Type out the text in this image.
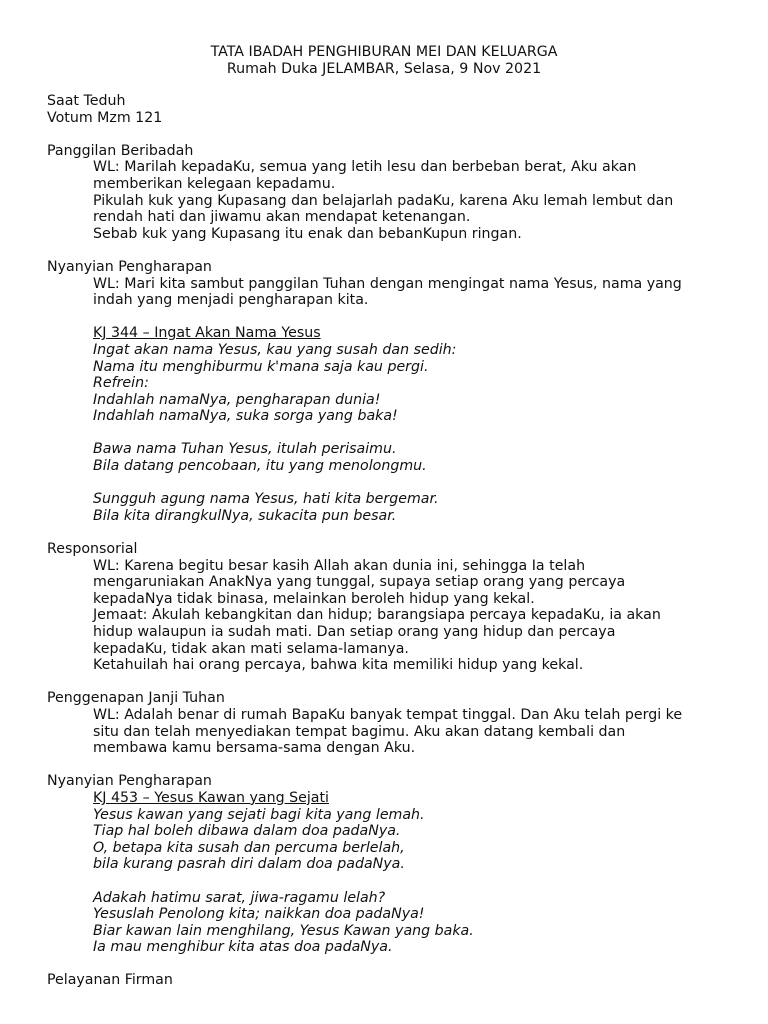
TATA IBADAH PENGHIBURAN MEI DAN KELUARGA
Rumah Duka JELAMBAR, Selasa, 9 Nov 2021
Saat Teduh
Votum Mzm 121
Panggilan Beribadah
WL: Marilah kepadaKu, semua yang letih lesu dan berbeban berat, Aku akan
memberikan kelegaan kepadamu.
Pikulah kuk yang Kupasang dan belajarlah padaKu, karena Aku lemah lembut dan
rendah hati dan jiwamu akan mendapat ketenangan.
Sebab kuk yang Kupasang itu enak dan bebanKupun ringan.
Nyanyian Pengharapan
WL: Mari kita sambut panggilan Tuhan dengan mengingat nama Yesus, nama yang
indah yang menjadi pengharapan kita.
KJ 344 – Ingat Akan Nama Yesus
Ingat akan nama Yesus, kau yang susah dan sedih:
Nama itu menghiburmu k'mana saja kau pergi.
Refrein:
Indahlah namaNya, pengharapan dunia!
Indahlah namaNya, suka sorga yang baka!
Bawa nama Tuhan Yesus, itulah perisaimu.
Bila datang pencobaan, itu yang menolongmu.
Sungguh agung nama Yesus, hati kita bergemar.
Bila kita dirangkulNya, sukacita pun besar.
Responsorial
WL: Karena begitu besar kasih Allah akan dunia ini, sehingga Ia telah
mengaruniakan AnakNya yang tunggal, supaya setiap orang yang percaya
kepadaNya tidak binasa, melainkan beroleh hidup yang kekal.
Jemaat: Akulah kebangkitan dan hidup; barangsiapa percaya kepadaKu, ia akan
hidup walaupun ia sudah mati. Dan setiap orang yang hidup dan percaya
kepadaKu, tidak akan mati selama-lamanya.
Ketahuilah hai orang percaya, bahwa kita memiliki hidup yang kekal.
Penggenapan Janji Tuhan
WL: Adalah benar di rumah BapaKu banyak tempat tinggal. Dan Aku telah pergi ke
situ dan telah menyediakan tempat bagimu. Aku akan datang kembali dan
membawa kamu bersama-sama dengan Aku.
Nyanyian Pengharapan
KJ 453 – Yesus Kawan yang Sejati
Yesus kawan yang sejati bagi kita yang lemah.
Tiap hal boleh dibawa dalam doa padaNya.
O, betapa kita susah dan percuma berlelah,
bila kurang pasrah diri dalam doa padaNya.
Adakah hatimu sarat, jiwa-ragamu lelah?
Yesuslah Penolong kita; naikkan doa padaNya!
Biar kawan lain menghilang, Yesus Kawan yang baka.
Ia mau menghibur kita atas doa padaNya.
Pelayanan Firman
